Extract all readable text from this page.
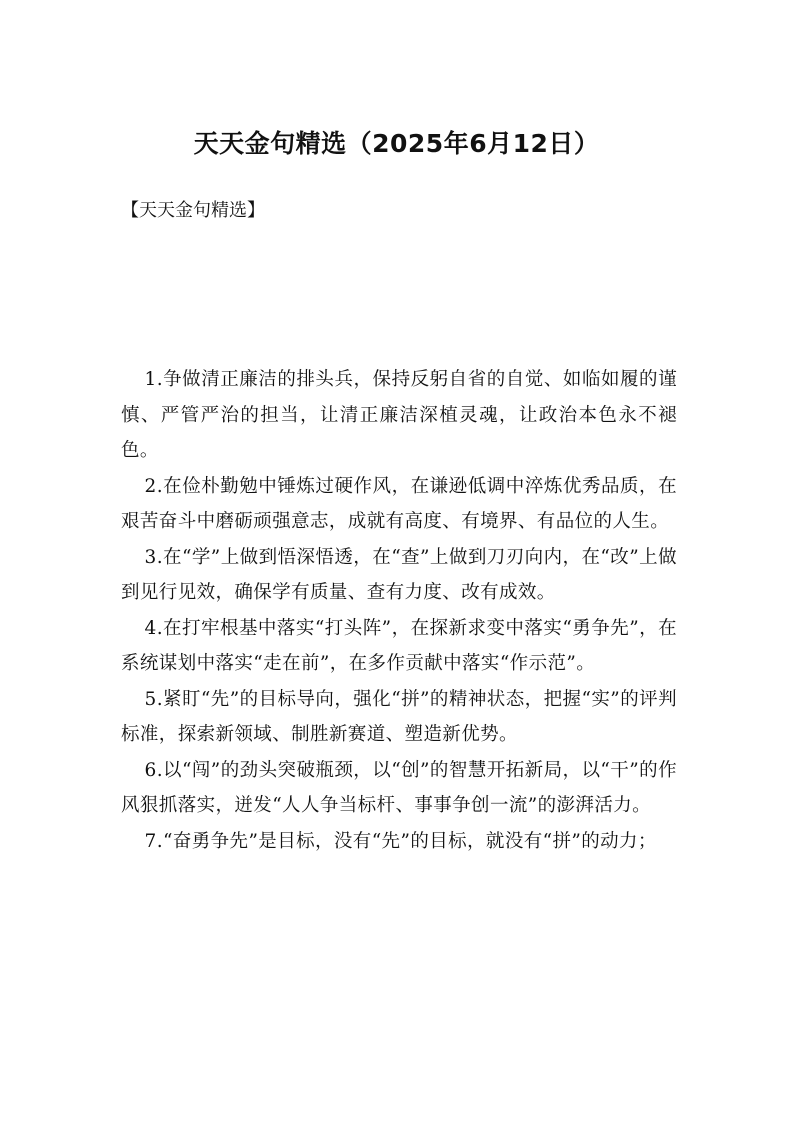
天天金句精选（2025年6月12日）

【天天金句精选】

1.争做清正廉洁的排头兵，保持反躬自省的自觉、如临如履的谨慎、严管严治的担当，让清正廉洁深植灵魂，让政治本色永不褪色。

2.在俭朴勤勉中锤炼过硬作风，在谦逊低调中淬炼优秀品质，在艰苦奋斗中磨砺顽强意志，成就有高度、有境界、有品位的人生。

3.在“学”上做到悟深悟透，在“查”上做到刀刃向内，在“改”上做到见行见效，确保学有质量、查有力度、改有成效。

4.在打牢根基中落实“打头阵”，在探新求变中落实“勇争先”，在系统谋划中落实“走在前”，在多作贡献中落实“作示范”。

5.紧盯“先”的目标导向，强化“拼”的精神状态，把握“实”的评判标准，探索新领域、制胜新赛道、塑造新优势。

6.以“闯”的劲头突破瓶颈，以“创”的智慧开拓新局，以“干”的作风狠抓落实，迸发“人人争当标杆、事事争创一流”的澎湃活力。

7.“奋勇争先”是目标，没有“先”的目标，就没有“拼”的动力；
